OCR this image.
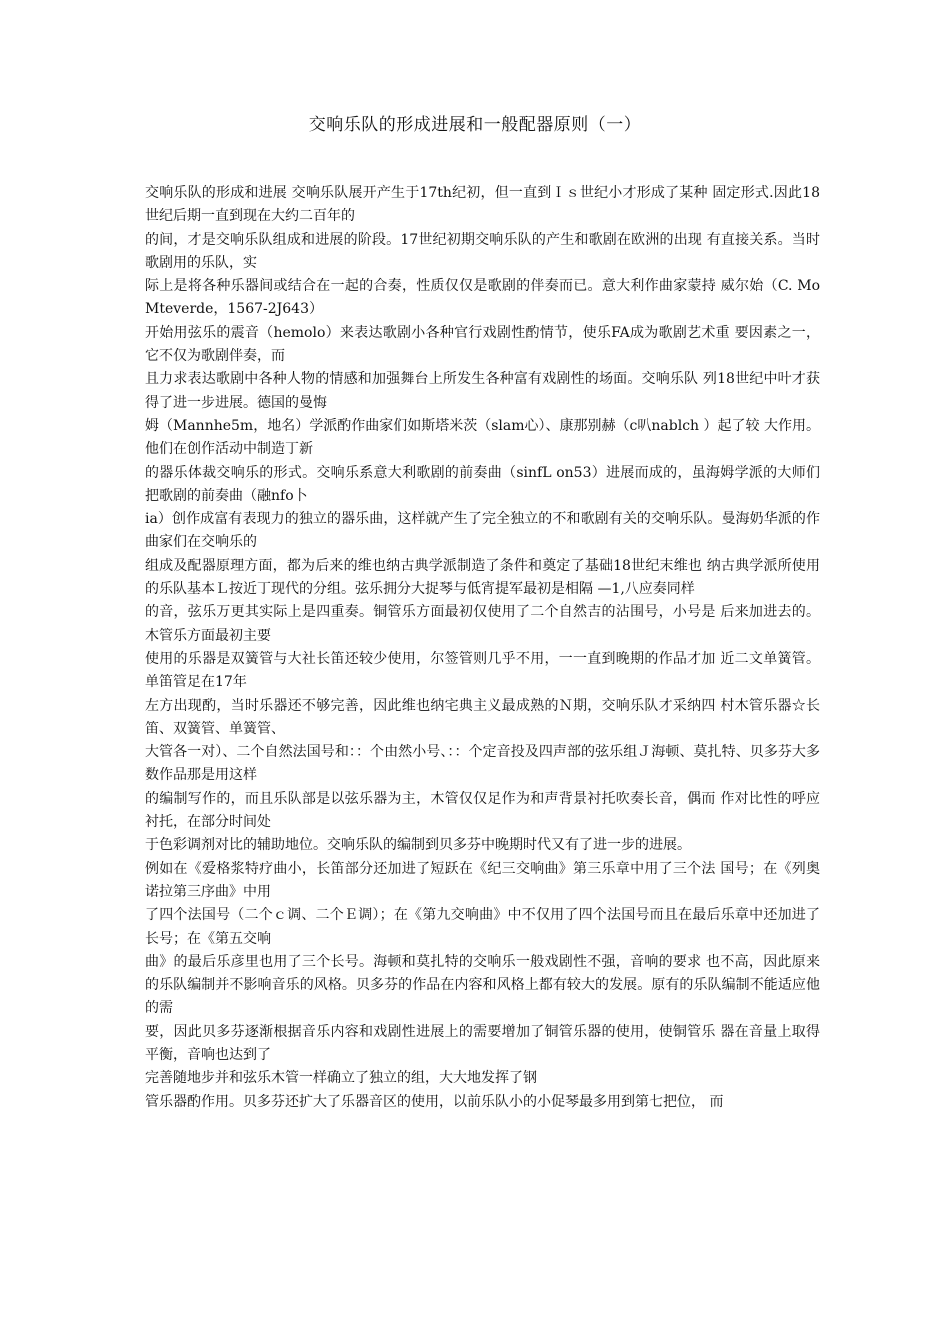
交响乐队的形成进展和一般配器原则（一）

交响乐队的形成和进展 交响乐队展开产生于17th纪初，但一直到Ｉｓ世纪小才形成了某种 固定形式.因此18世纪后期一直到现在大约二百年的

的间，才是交响乐队组成和进展的阶段。17世纪初期交响乐队的产生和歌剧在欧洲的出现 有直接关系。当时歌剧用的乐队，实

际上是将各种乐器间或结合在一起的合奏，性质仅仅是歌剧的伴奏而已。意大利作曲家蒙持 威尔始（C. Mo Mteverde，1567-2J643）

开始用弦乐的震音（hemolo）来表达歌剧小各种官行戏剧性酌情节，使乐FA成为歌剧艺术重 要因素之一，它不仅为歌剧伴奏，而

且力求表达歌剧中各种人物的情感和加强舞台上所发生各种富有戏剧性的场面。交响乐队 列18世纪中叶才获得了进一步进展。德国的曼悔

姆（Mannhe5m，地名）学派酌作曲家们如斯塔米茨（slam心）、康那别赫（c叭nablch ）起了较 大作用。他们在创作活动中制造丁新

的器乐体裁交响乐的形式。交响乐系意大利歌剧的前奏曲（sinfL on53）进展而成的，虽海姆学派的大师们把歌剧的前奏曲（融nfo卜

ia）创作成富有表现力的独立的器乐曲，这样就产生了完全独立的不和歌剧有关的交响乐队。曼海奶华派的作曲家们在交响乐的

组成及配器原理方面，都为后来的维也纳古典学派制造了条件和奠定了基础18世纪末维也 纳古典学派所使用的乐队基本Ｌ按近丁现代的分组。弦乐拥分大捉琴与低宵提军最初是相隔 —1,八应奏同样

的音，弦乐万更其实际上是四重奏。铜管乐方面最初仅使用了二个自然吉的沾围号，小号是 后来加进去的。木管乐方面最初主要

使用的乐器是双簧管与大社长笛还较少使用，尔签管则几乎不用，一一直到晚期的作品才加 近二文单簧管。单笛管足在17年

左方出现酌，当时乐器还不够完善，因此维也纳宅典主义最成熟的Ｎ期，交响乐队才采纳四 村木管乐器☆长笛、双簧管、单簧管、

大管各一对）、二个自然法国号和：：个由然小号、：：个定音投及四声部的弦乐组Ｊ海顿、莫扎特、贝多芬大多数作品那是用这样

的编制写作的，而且乐队部是以弦乐器为主，木管仅仅足作为和声背景衬托吹奏长音，偶而 作对比性的呼应衬托，在部分时间处

于色彩调剂对比的辅助地位。交响乐队的编制到贝多芬中晚期时代又有了进一步的进展。

例如在《爱格浆特疗曲小，长笛部分还加进了短跃在《纪三交响曲》第三乐章中用了三个法 国号；在《列奥诺拉第三序曲》中用

了四个法国号（二个ｃ调、二个Ｅ调）；在《第九交响曲》中不仅用了四个法国号而且在最后乐章中还加进了长号；在《第五交响

曲》的最后乐彦里也用了三个长号。海顿和莫扎特的交响乐一般戏剧性不强，音响的要求 也不高，因此原来的乐队编制并不影响音乐的风格。贝多芬的作品在内容和风格上都有较大的发展。原有的乐队编制不能适应他的需

要，因此贝多芬逐渐根据音乐内容和戏剧性进展上的需要增加了铜管乐器的使用，使铜管乐 器在音量上取得平衡，音响也达到了

完善随地步并和弦乐木管一样确立了独立的组，大大地发挥了钢

管乐器酌作用。贝多芬还扩大了乐器音区的使用，以前乐队小的小促琴最多用到第七把位， 而
